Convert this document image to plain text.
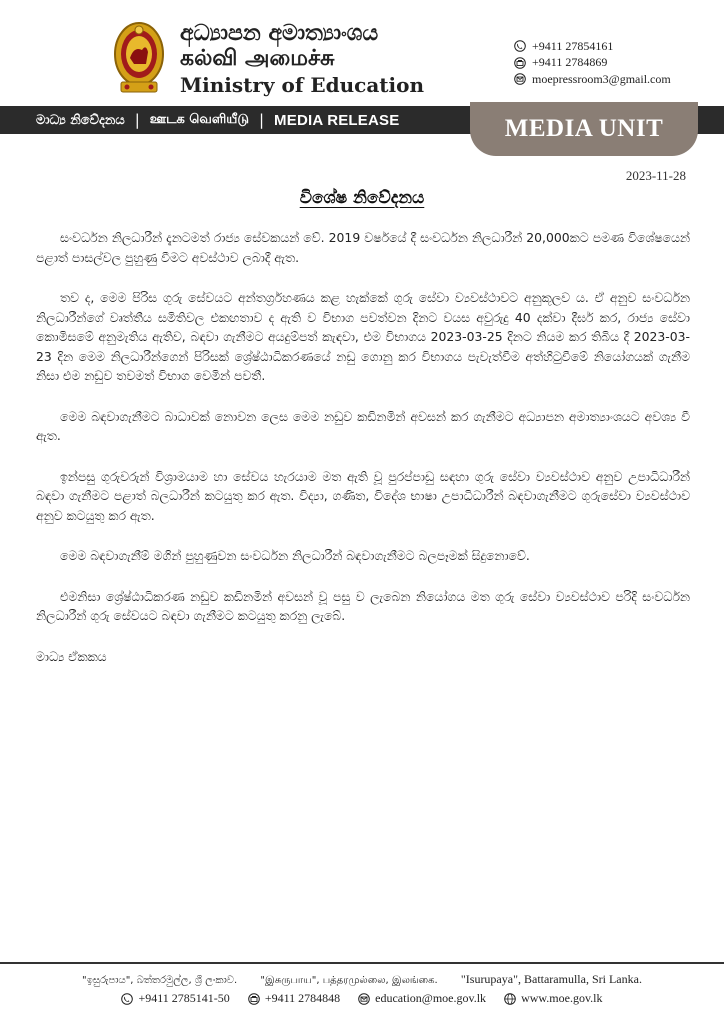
අධ්‍යාපන අමාත්‍යාංශය
கல்வி அமைச்சு
Ministry of Education
+9411 27854161
+9411 2784869
moepressroom3@gmail.com
මාධ්‍ය නිවේදනය | ஊடக வெளியீடு | MEDIA RELEASE	MEDIA UNIT
2023-11-28
විශේෂ නිවේදනය

සංවර්ධන නිලධාරීන් දැනටමත් රාජ්‍ය සේවකයන් වේ. 2019 වර්ෂයේ දී සංවර්ධන නිලධාරීන් 20,000කට පමණ විශේෂයෙන් පළාත් පාසල්වල පුහුණු වීමට අවස්ථාව ලබාදී ඇත.

තව ද, මෙම පිරිස ගුරු සේවයට අන්තර්ග්‍රහණය කළ හැක්කේ ගුරු සේවා ව්‍යවස්ථාවට අනුකූලව ය. ඒ අනුව සංවර්ධන නිලධාරීන්ගේ වෘත්තීය සමිතිවල එකඟතාව ද ඇති ව විභාග පවත්වන දිනට වයස අවුරුදු 40 දක්වා දීර්ඝ කර, රාජ්‍ය සේවා කොමිසමේ අනුමැතිය ඇතිව, බඳවා ගැනීමට අයදුම්පත් කැඳවා, එම විභාගය 2023-03-25 දිනට නියම කර තිබිය දී 2023-03-23 දින මෙම නිලධාරීන්ගෙන් පිරිසක් ශ්‍රේෂ්ඨාධිකරණයේ නඩු ගොනු කර විභාගය පැවැත්වීම අත්හිටුවීමේ නියෝගයක් ගැනීම නිසා එම නඩුව තවමත් විභාග වෙමින් පවතී.

මෙම බඳවාගැනීමට බාධාවක් නොවන ලෙස මෙම නඩුව කඩිනමින් අවසන් කර ගැනීමට අධ්‍යාපන අමාත්‍යාංශයට අවශ්‍ය වී ඇත.

ඉන්පසු ගුරුවරුන් විශ්‍රාමයාම හා සේවය හැරයාම මත ඇති වූ පුරප්පාඩු සඳහා ගුරු සේවා ව්‍යවස්ථාව අනුව උපාධිධාරීන් බඳවා ගැනීමට පළාත් බලධාරීන් කටයුතු කර ඇත. විද්‍යා, ගණිත, විදේශ භාෂා උපාධිධාරීන් බඳවාගැනීමට ගුරුසේවා ව්‍යවස්ථාව අනුව කටයුතු කර ඇත.

මෙම බඳවාගැනීම් මගින් පුහුණුවන සංවර්ධන නිලධාරීන් බඳවාගැනීමට බලපෑමක් සිදුනොවේ.

එමනිසා ශ්‍රේෂ්ඨාධිකරණ නඩුව කඩිනමින් අවසන් වූ පසු ව ලැබෙන නියෝගය මත ගුරු සේවා ව්‍යවස්ථාව පරිදි සංවර්ධන නිලධාරීන් ගුරු සේවයට බඳවා ගැනීමට කටයුතු කරනු ලැබේ.

මාධ්‍ය ඒකකය

"ඉසුරුපාය", බත්තරමුල්ල, ශ්‍රී ලංකාව. "இசுருபாய", பத்தரமுல்லை, இலங்கை. "Isurupaya", Battaramulla, Sri Lanka.
+9411 2785141-50	+9411 2784848	education@moe.gov.lk	www.moe.gov.lk
